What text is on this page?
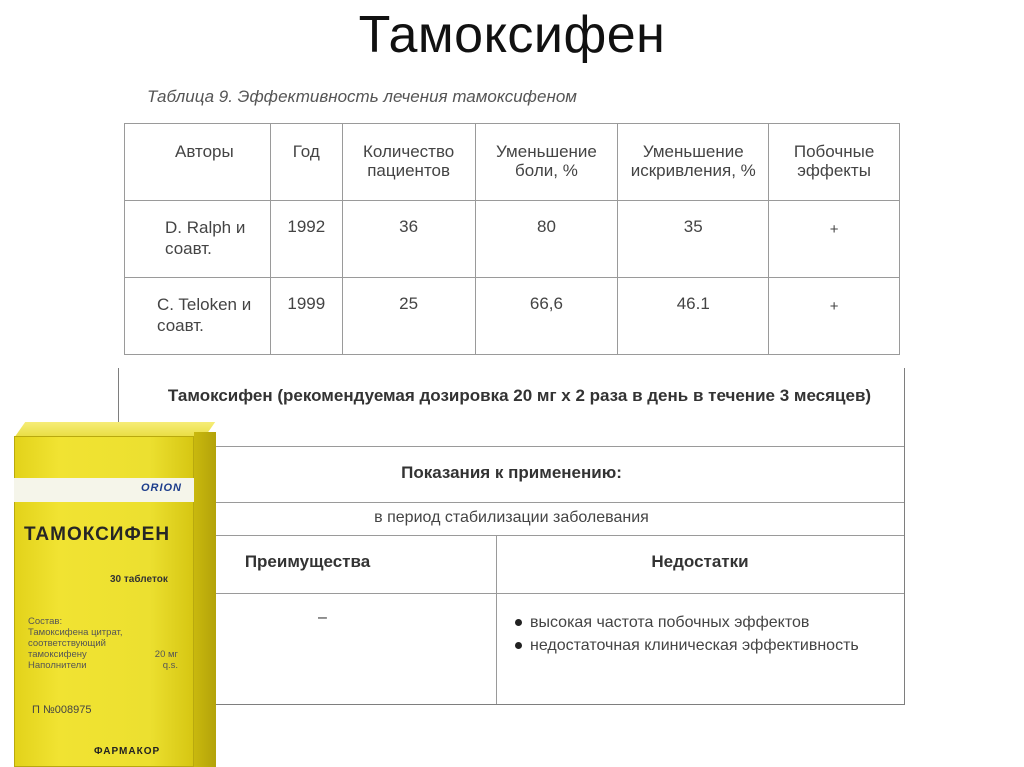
Тамоксифен
Таблица 9. Эффективность лечения тамоксифеном
Авторы	Год	Количество пациентов	Уменьшение боли, %	Уменьшение искривления, %	Побочные эффекты

D. Ralph и соавт.	1992	36	80	35	+

C. Teloken и соавт.	1999	25	66,6	46.1	+
Тамоксифен (рекомендуемая дозировка 20 мг х 2 раза в день в течение 3 месяцев)
Показания к применению:
в период стабилизации заболевания
Преимущества	Недостатки
–	высокая частота побочных эффектов
недостаточная клиническая эффективность
ORION
ТАМОКСИФЕН
30 таблеток
Состав:
Тамоксифена цитрат,
соответствующий
тамоксифену	20 мг
Наполнители	q.s.
П №008975
ФАРМАКОР
